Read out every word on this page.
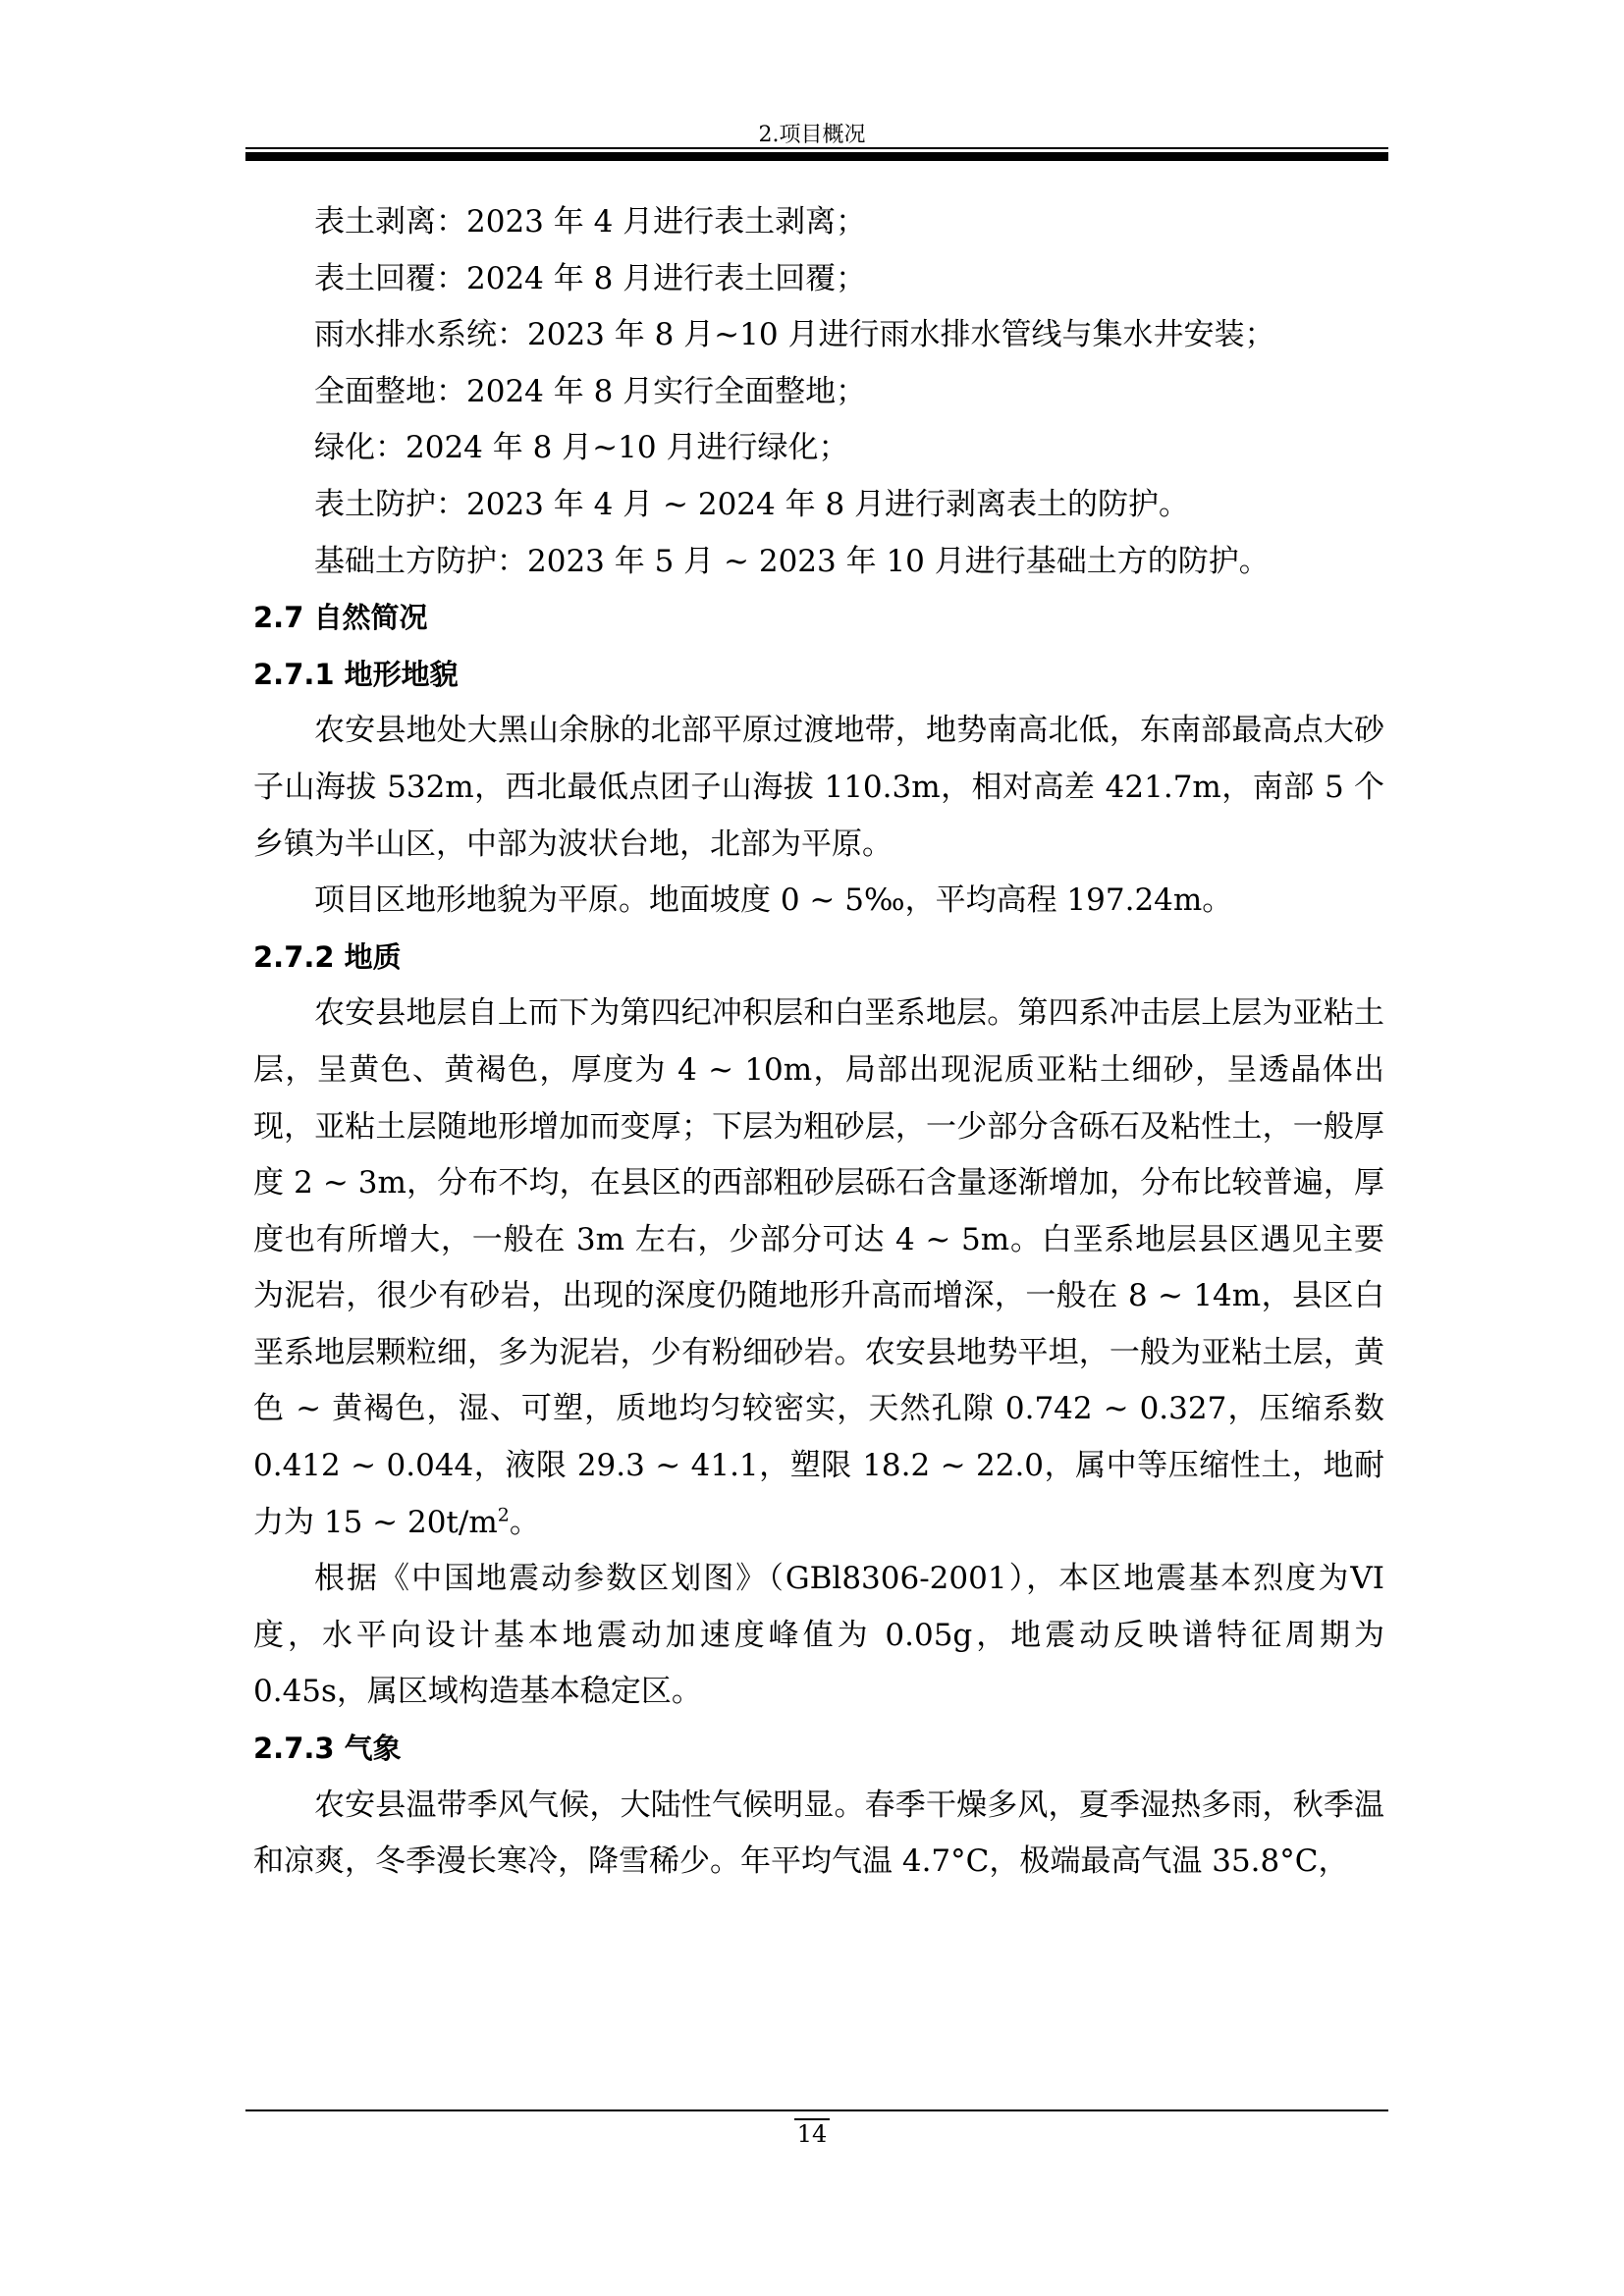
2.项目概况

表土剥离：2023 年 4 月进行表土剥离；

表土回覆：2024 年 8 月进行表土回覆；

雨水排水系统：2023 年 8 月~10 月进行雨水排水管线与集水井安装；

全面整地：2024 年 8 月实行全面整地；

绿化：2024 年 8 月~10 月进行绿化；

表土防护：2023 年 4 月 ~ 2024 年 8 月进行剥离表土的防护。

基础土方防护：2023 年 5 月 ~ 2023 年 10 月进行基础土方的防护。

2.7 自然简况

2.7.1 地形地貌

农安县地处大黑山余脉的北部平原过渡地带，地势南高北低，东南部最高点大砂子山海拔 532m，西北最低点团子山海拔 110.3m，相对高差 421.7m，南部 5 个乡镇为半山区，中部为波状台地，北部为平原。

项目区地形地貌为平原。地面坡度 0 ~ 5‰，平均高程 197.24m。

2.7.2 地质

农安县地层自上而下为第四纪冲积层和白垩系地层。第四系冲击层上层为亚粘土层，呈黄色、黄褐色，厚度为 4 ~ 10m，局部出现泥质亚粘土细砂，呈透晶体出现，亚粘土层随地形增加而变厚；下层为粗砂层，一少部分含砾石及粘性土，一般厚度 2 ~ 3m，分布不均，在县区的西部粗砂层砾石含量逐渐增加，分布比较普遍，厚度也有所增大，一般在 3m 左右，少部分可达 4 ~ 5m。白垩系地层县区遇见主要为泥岩，很少有砂岩，出现的深度仍随地形升高而增深，一般在 8 ~ 14m，县区白垩系地层颗粒细，多为泥岩，少有粉细砂岩。农安县地势平坦，一般为亚粘土层，黄色 ~ 黄褐色，湿、可塑，质地均匀较密实，天然孔隙 0.742 ~ 0.327，压缩系数 0.412 ~ 0.044，液限 29.3 ~ 41.1，塑限 18.2 ~ 22.0，属中等压缩性土，地耐力为 15 ~ $20t/m^2$。

根据《中国地震动参数区划图》（GBl8306-2001），本区地震基本烈度为VI度，水平向设计基本地震动加速度峰值为 0.05g，地震动反映谱特征周期为 0.45s，属区域构造基本稳定区。

2.7.3 气象

农安县温带季风气候，大陆性气候明显。春季干燥多风，夏季湿热多雨，秋季温和凉爽，冬季漫长寒冷，降雪稀少。年平均气温 4.7°C，极端最高气温 35.8°C，

14
